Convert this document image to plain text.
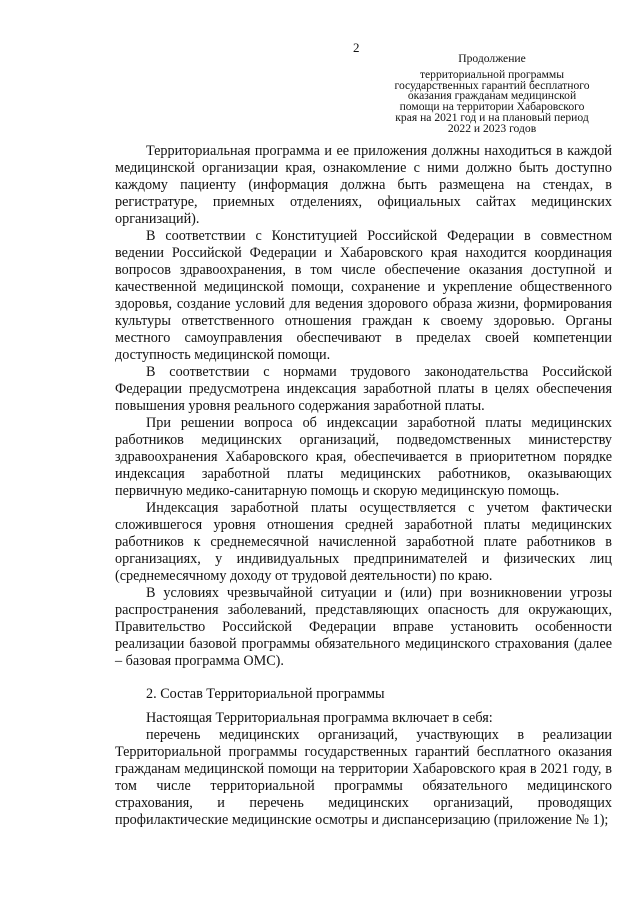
2
Продолжение
территориальной программы
государственных гарантий бесплатного
оказания гражданам медицинской
помощи на территории Хабаровского
края на 2021 год и на плановый период
2022 и 2023 годов

Территориальная программа и ее приложения должны находиться в каждой медицинской организации края, ознакомление с ними должно быть доступно каждому пациенту (информация должна быть размещена на стендах, в регистратуре, приемных отделениях, официальных сайтах медицинских организаций).

В соответствии с Конституцией Российской Федерации в совместном ведении Российской Федерации и Хабаровского края находится координация вопросов здравоохранения, в том числе обеспечение оказания доступной и качественной медицинской помощи, сохранение и укрепление общественного здоровья, создание условий для ведения здорового образа жизни, формирования культуры ответственного отношения граждан к своему здоровью. Органы местного самоуправления обеспечивают в пределах своей компетенции доступность медицинской помощи.

В соответствии с нормами трудового законодательства Российской Федерации предусмотрена индексация заработной платы в целях обеспечения повышения уровня реального содержания заработной платы.

При решении вопроса об индексации заработной платы медицинских работников медицинских организаций, подведомственных министерству здравоохранения Хабаровского края, обеспечивается в приоритетном порядке индексация заработной платы медицинских работников, оказывающих первичную медико-санитарную помощь и скорую медицинскую помощь.

Индексация заработной платы осуществляется с учетом фактически сложившегося уровня отношения средней заработной платы медицинских работников к среднемесячной начисленной заработной плате работников в организациях, у индивидуальных предпринимателей и физических лиц (среднемесячному доходу от трудовой деятельности) по краю.

В условиях чрезвычайной ситуации и (или) при возникновении угрозы распространения заболеваний, представляющих опасность для окружающих, Правительство Российской Федерации вправе установить особенности реализации базовой программы обязательного медицинского страхования (далее – базовая программа ОМС).

2. Состав Территориальной программы

Настоящая Территориальная программа включает в себя:

перечень медицинских организаций, участвующих в реализации Территориальной программы государственных гарантий бесплатного оказания гражданам медицинской помощи на территории Хабаровского края в 2021 году, в том числе территориальной программы обязательного медицинского страхования, и перечень медицинских организаций, проводящих профилактические медицинские осмотры и диспансеризацию (приложение № 1);
